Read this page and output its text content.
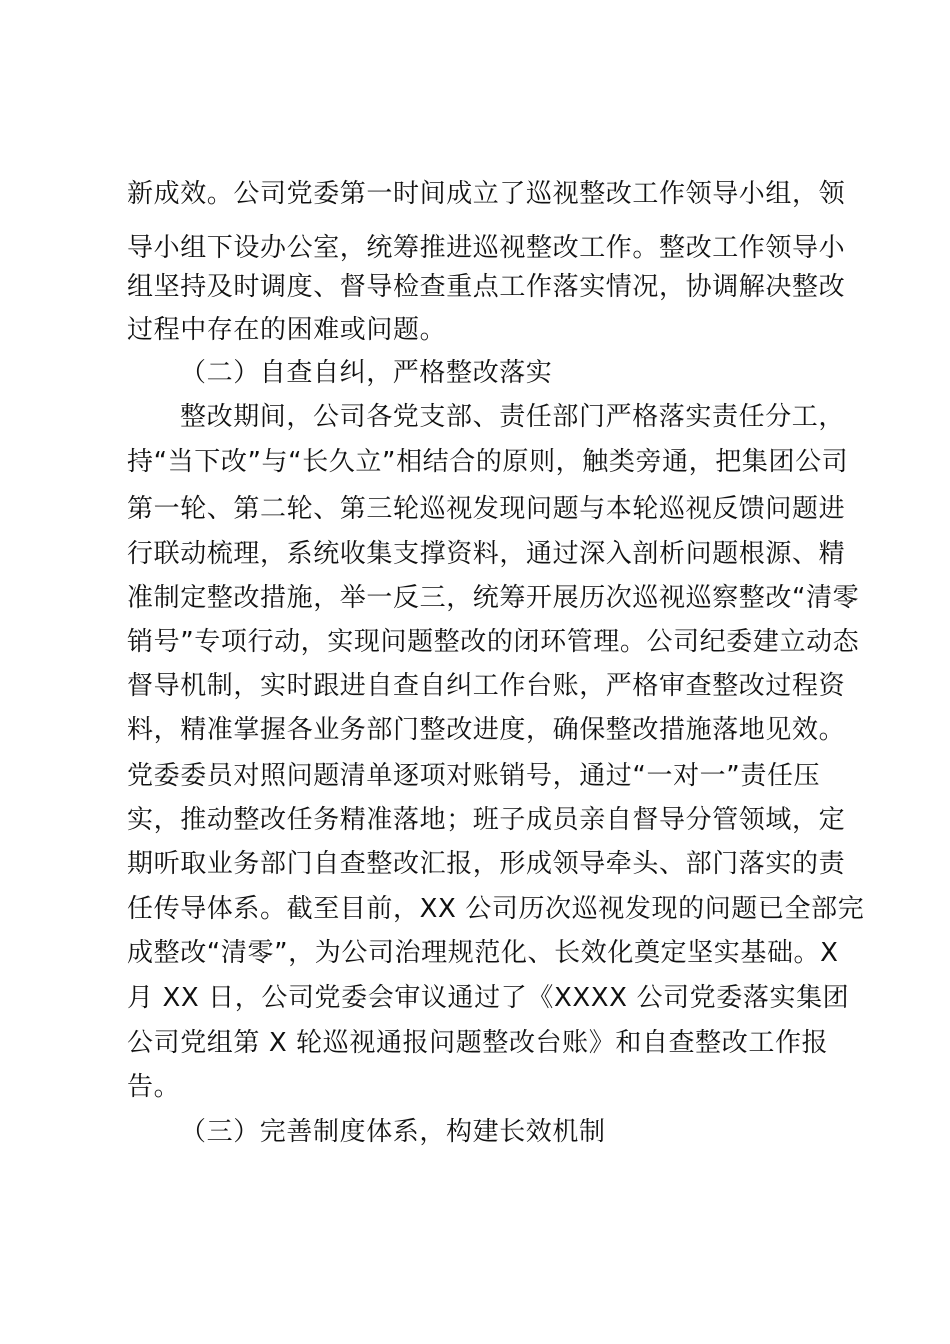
新成效。公司党委第一时间成立了巡视整改工作领导小组，领
导小组下设办公室，统筹推进巡视整改工作。整改工作领导小
组坚持及时调度、督导检查重点工作落实情况，协调解决整改
过程中存在的困难或问题。
（二）自查自纠，严格整改落实
整改期间，公司各党支部、责任部门严格落实责任分工，
持“当下改”与“长久立”相结合的原则，触类旁通，把集团公司
第一轮、第二轮、第三轮巡视发现问题与本轮巡视反馈问题进
行联动梳理，系统收集支撑资料，通过深入剖析问题根源、精
准制定整改措施，举一反三，统筹开展历次巡视巡察整改“清零
销号”专项行动，实现问题整改的闭环管理。公司纪委建立动态
督导机制，实时跟进自查自纠工作台账，严格审查整改过程资
料，精准掌握各业务部门整改进度，确保整改措施落地见效。
党委委员对照问题清单逐项对账销号，通过“一对一”责任压
实，推动整改任务精准落地；班子成员亲自督导分管领域，定
期听取业务部门自查整改汇报，形成领导牵头、部门落实的责
任传导体系。截至目前，XX 公司历次巡视发现的问题已全部完
成整改“清零”，为公司治理规范化、长效化奠定坚实基础。X
月 XX 日，公司党委会审议通过了《XXXX 公司党委落实集团
公司党组第 X 轮巡视通报问题整改台账》和自查整改工作报
告。
（三）完善制度体系，构建长效机制
